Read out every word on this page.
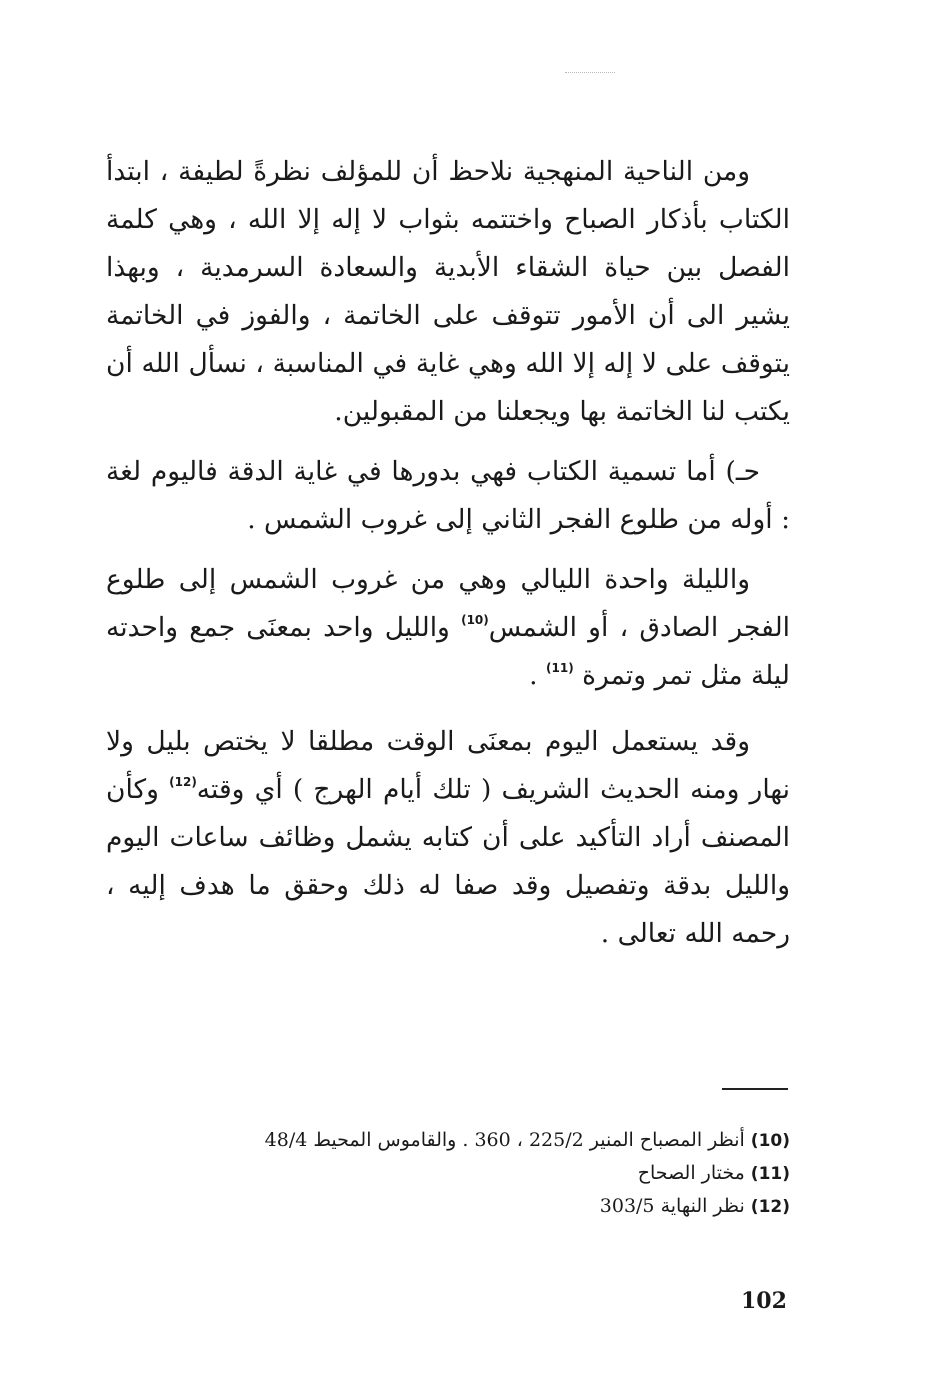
ومن الناحية المنهجية نلاحظ أن للمؤلف نظرةً لطيفة ، ابتدأ الكتاب بأذكار الصباح واختتمه بثواب لا إله إلا الله ، وهي كلمة الفصل بين حياة الشقاء الأبدية والسعادة السرمدية ، وبهذا يشير الى أن الأمور تتوقف على الخاتمة ، والفوز في الخاتمة يتوقف على لا إله إلا الله وهي غاية في المناسبة ، نسأل الله أن يكتب لنا الخاتمة بها ويجعلنا من المقبولين.

حـ) أما تسمية الكتاب فهي بدورها في غاية الدقة فاليوم لغة : أوله من طلوع الفجر الثاني إلى غروب الشمس .

والليلة واحدة الليالي وهي من غروب الشمس إلى طلوع الفجر الصادق ، أو الشمس$^{(10)}$ والليل واحد بمعنَى جمع واحدته ليلة مثل تمر وتمرة $^{(11)}$ .

وقد يستعمل اليوم بمعنَى الوقت مطلقا لا يختص بليل ولا نهار ومنه الحديث الشريف ( تلك أيام الهرج ) أي وقته$^{(12)}$ وكأن المصنف أراد التأكيد على أن كتابه يشمل وظائف ساعات اليوم والليل بدقة وتفصيل وقد صفا له ذلك وحقق ما هدف إليه ، رحمه الله تعالى .

(10)
أنظر المصباح المنير 225/2 ، 360 . والقاموس المحيط 48/4
(11)
مختار الصحاح
(12)
نظر النهاية 303/5
102
